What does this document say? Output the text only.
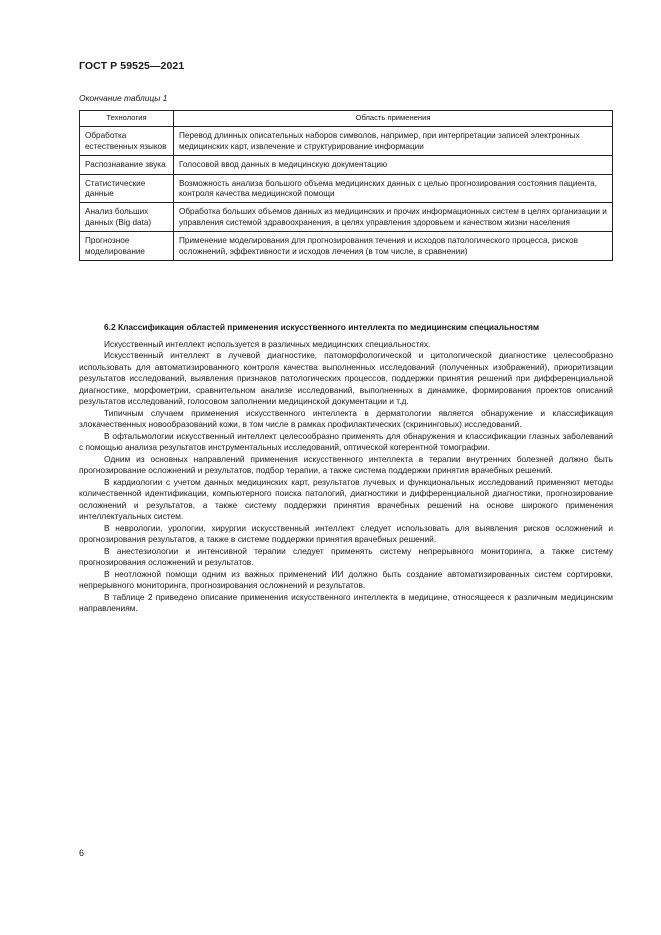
ГОСТ Р 59525—2021
Окончание таблицы 1
Технология	Область применения
Обработка естественных языков	Перевод длинных описательных наборов символов, например, при интерпретации записей электронных медицинских карт, извлечение и структурирование информации
Распознавание звука	Голосовой ввод данных в медицинскую документацию
Статистические данные	Возможность анализа большого объема медицинских данных с целью прогнозирования состояния пациента, контроля качества медицинской помощи
Анализ больших данных (Big data)	Обработка больших объемов данных из медицинских и прочих информационных систем в целях организации и управления системой здравоохранения, в целях управления здоровьем и качеством жизни населения
Прогнозное моделирование	Применение моделирования для прогнозирования течения и исходов патологического процесса, рисков осложнений, эффективности и исходов лечения (в том числе, в сравнении)

6.2 Классификация областей применения искусственного интеллекта по медицинским специальностям

Искусственный интеллект используется в различных медицинских специальностях.

Искусственный интеллект в лучевой диагностике, патоморфологической и цитологической диагностике целесообразно использовать для автоматизированного контроля качества выполненных исследований (полученных изображений), приоритизации результатов исследований, выявления признаков патологических процессов, поддержки принятия решений при дифференциальной диагностике, морфометрии, сравнительном анализе исследований, выполненных в динамике, формирования проектов описаний результатов исследований, голосовом заполнении медицинской документации и т.д.

Типичным случаем применения искусственного интеллекта в дерматологии является обнаружение и классификация злокачественных новообразований кожи, в том числе в рамках профилактических (скрининговых) исследований.

В офтальмологии искусственный интеллект целесообразно применять для обнаружения и классификации глазных заболеваний с помощью анализа результатов инструментальных исследований, оптической когерентной томографии.

Одним из основных направлений применения искусственного интеллекта в терапии внутренних болезней должно быть прогнозирование осложнений и результатов, подбор терапии, а также система поддержки принятия врачебных решений.

В кардиологии с учетом данных медицинских карт, результатов лучевых и функциональных исследований применяют методы количественной идентификации, компьютерного поиска патологий, диагностики и дифференциальной диагностики, прогнозирование осложнений и результатов, а также систему поддержки принятия врачебных решений на основе широкого применения интеллектуальных систем.

В неврологии, урологии, хирургии искусственный интеллект следует использовать для выявления рисков осложнений и прогнозирования результатов, а также в системе поддержки принятия врачебных решений.

В анестезиологии и интенсивной терапии следует применять систему непрерывного мониторинга, а также систему прогнозирования осложнений и результатов.

В неотложной помощи одним из важных применений ИИ должно быть создание автоматизированных систем сортировки, непрерывного мониторинга, прогнозирования осложнений и результатов.

В таблице 2 приведено описание применения искусственного интеллекта в медицине, относящееся к различным медицинским направлениям.

6
